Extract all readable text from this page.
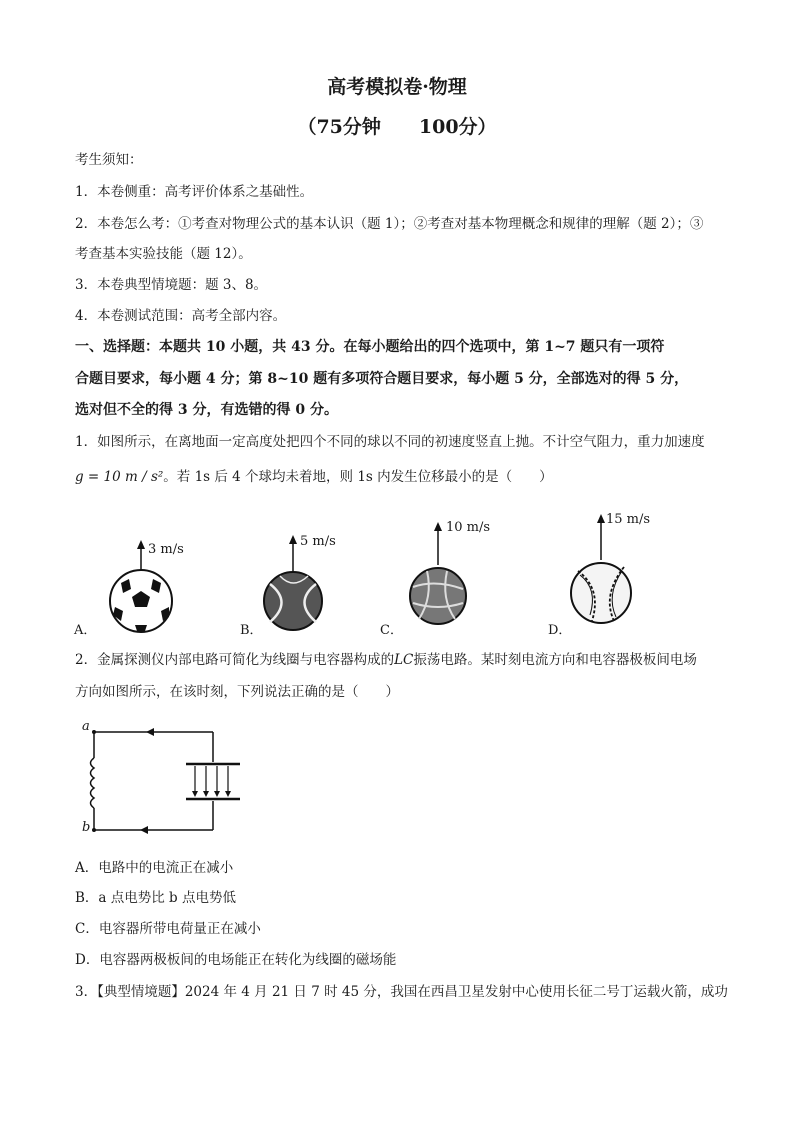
高考模拟卷·物理
（75分钟　　100分）
考生须知：
1．本卷侧重：高考评价体系之基础性。
2．本卷怎么考：①考查对物理公式的基本认识（题 1）；②考查对基本物理概念和规律的理解（题 2）；③
考查基本实验技能（题 12）。
3．本卷典型情境题：题 3、8。
4．本卷测试范围：高考全部内容。
一、选择题：本题共 10 小题，共 43 分。在每小题给出的四个选项中，第 1~7 题只有一项符
合题目要求，每小题 4 分；第 8~10 题有多项符合题目要求，每小题 5 分，全部选对的得 5 分，
选对但不全的得 3 分，有选错的得 0 分。
1．如图所示，在离地面一定高度处把四个不同的球以不同的初速度竖直上抛。不计空气阻力，重力加速度
g = 10 m / s²。若 1s 后 4 个球均未着地，则 1s 内发生位移最小的是（　　）
A．
3 m/s
B．
5 m/s
C．
10 m/s
D．
15 m/s
2．金属探测仪内部电路可简化为线圈与电容器构成的LC振荡电路。某时刻电流方向和电容器极板间电场
方向如图所示，在该时刻，下列说法正确的是（　　）
a
b
A．电路中的电流正在减小
B．a 点电势比 b 点电势低
C．电容器所带电荷量正在减小
D．电容器两极板间的电场能正在转化为线圈的磁场能
3．【典型情境题】2024 年 4 月 21 日 7 时 45 分，我国在西昌卫星发射中心使用长征二号丁运载火箭，成功
